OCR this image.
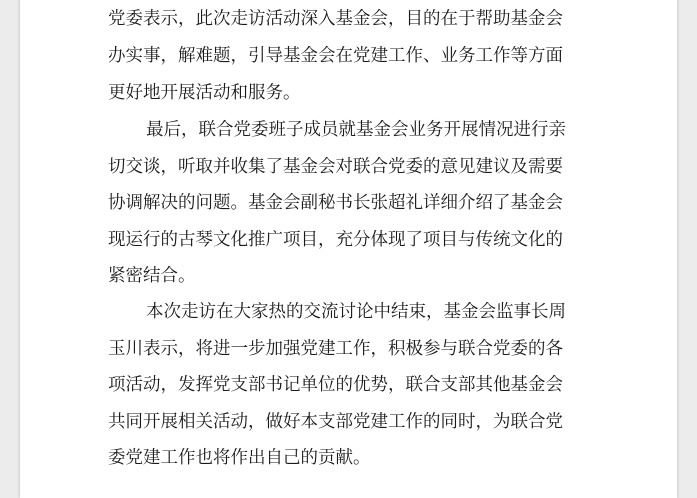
党委表示，此次走访活动深入基金会，目的在于帮助基金会
办实事，解难题，引导基金会在党建工作、业务工作等方面
更好地开展活动和服务。
最后，联合党委班子成员就基金会业务开展情况进行亲
切交谈，听取并收集了基金会对联合党委的意见建议及需要
协调解决的问题。基金会副秘书长张超礼详细介绍了基金会
现运行的古琴文化推广项目，充分体现了项目与传统文化的
紧密结合。
本次走访在大家热的交流讨论中结束，基金会监事长周
玉川表示，将进一步加强党建工作，积极参与联合党委的各
项活动，发挥党支部书记单位的优势，联合支部其他基金会
共同开展相关活动，做好本支部党建工作的同时，为联合党
委党建工作也将作出自己的贡献。
